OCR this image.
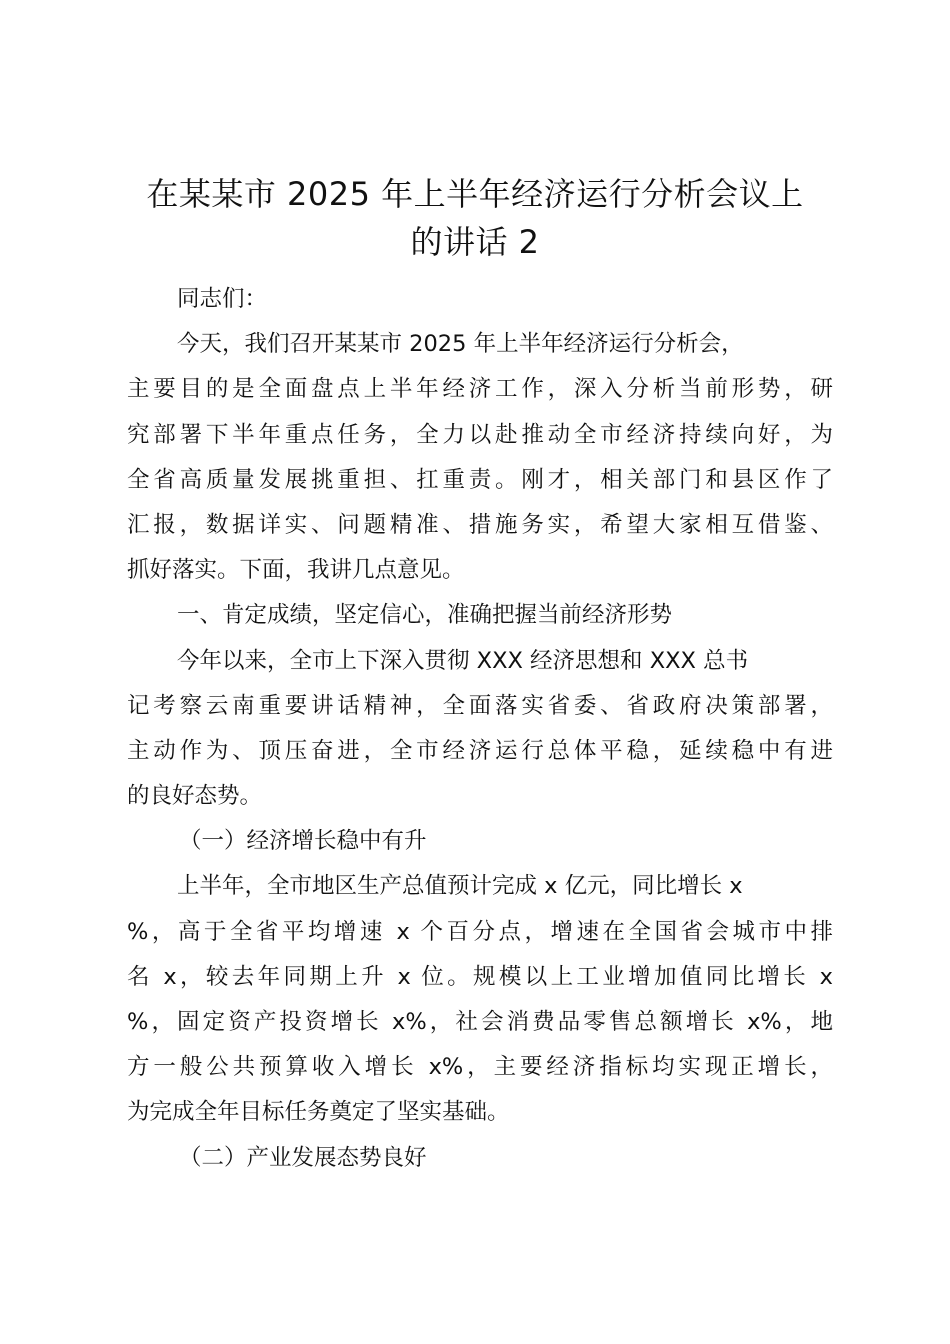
在某某市 2025 年上半年经济运行分析会议上
的讲话 2
同志们：
今天，我们召开某某市 2025 年上半年经济运行分析会，
主要目的是全面盘点上半年经济工作，深入分析当前形势，研
究部署下半年重点任务，全力以赴推动全市经济持续向好，为
全省高质量发展挑重担、扛重责。刚才，相关部门和县区作了
汇报，数据详实、问题精准、措施务实，希望大家相互借鉴、
抓好落实。下面，我讲几点意见。
一、肯定成绩，坚定信心，准确把握当前经济形势
今年以来，全市上下深入贯彻 XXX 经济思想和 XXX 总书
记考察云南重要讲话精神，全面落实省委、省政府决策部署，
主动作为、顶压奋进，全市经济运行总体平稳，延续稳中有进
的良好态势。
（一）经济增长稳中有升
上半年，全市地区生产总值预计完成 x 亿元，同比增长 x
%，高于全省平均增速 x 个百分点，增速在全国省会城市中排
名 x，较去年同期上升 x 位。规模以上工业增加值同比增长 x
%，固定资产投资增长 x%，社会消费品零售总额增长 x%，地
方一般公共预算收入增长 x%，主要经济指标均实现正增长，
为完成全年目标任务奠定了坚实基础。
（二）产业发展态势良好
